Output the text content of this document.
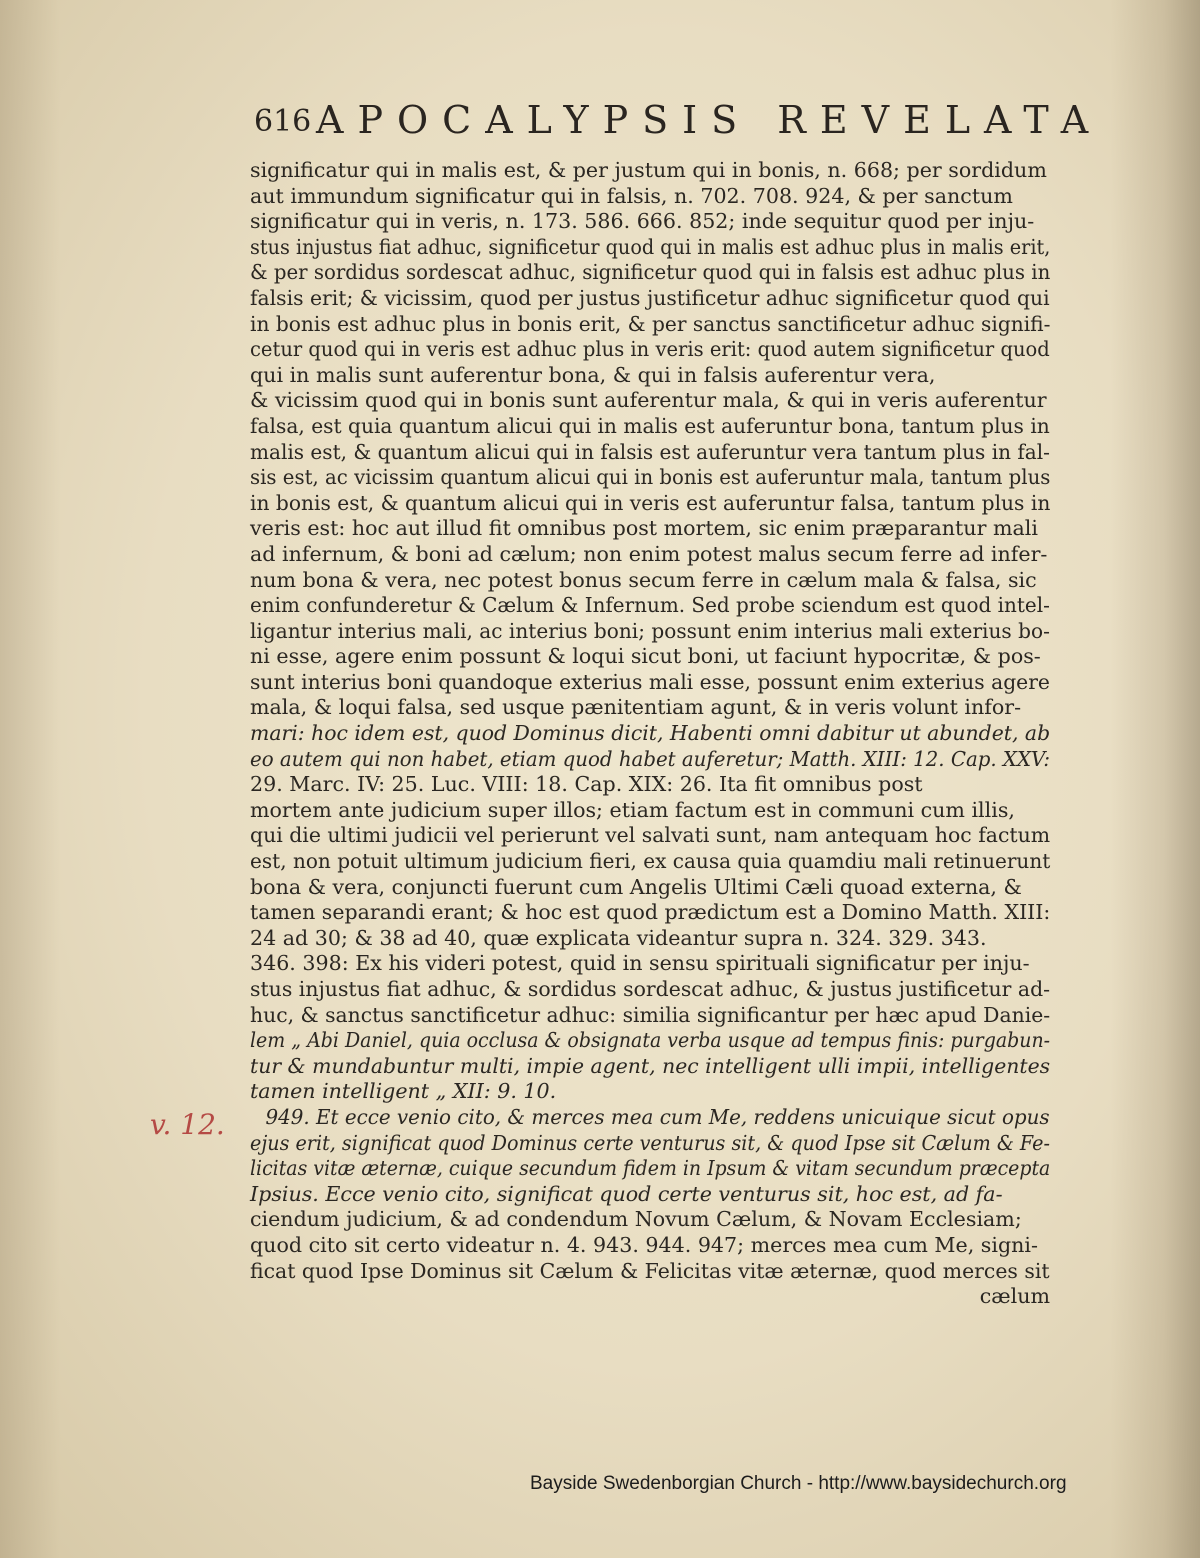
616 APOCALYPSIS REVELATA
v. 12.
significatur qui in malis est, & per justum qui in bonis, n. 668; per sordidum
aut immundum significatur qui in falsis, n. 702. 708. 924, & per sanctum
significatur qui in veris, n. 173. 586. 666. 852; inde sequitur quod per inju-
stus injustus fiat adhuc, significetur quod qui in malis est adhuc plus in malis erit,
& per sordidus sordescat adhuc, significetur quod qui in falsis est adhuc plus in
falsis erit; & vicissim, quod per justus justificetur adhuc significetur quod qui
in bonis est adhuc plus in bonis erit, & per sanctus sanctificetur adhuc signifi-
cetur quod qui in veris est adhuc plus in veris erit: quod autem significetur quod
qui in malis sunt auferentur bona, & qui in falsis auferentur vera,
& vicissim quod qui in bonis sunt auferentur mala, & qui in veris auferentur
falsa, est quia quantum alicui qui in malis est auferuntur bona, tantum plus in
malis est, & quantum alicui qui in falsis est auferuntur vera tantum plus in fal-
sis est, ac vicissim quantum alicui qui in bonis est auferuntur mala, tantum plus
in bonis est, & quantum alicui qui in veris est auferuntur falsa, tantum plus in
veris est: hoc aut illud fit omnibus post mortem, sic enim præparantur mali
ad infernum, & boni ad cælum; non enim potest malus secum ferre ad infer-
num bona & vera, nec potest bonus secum ferre in cælum mala & falsa, sic
enim confunderetur & Cælum & Infernum. Sed probe sciendum est quod intel-
ligantur interius mali, ac interius boni; possunt enim interius mali exterius bo-
ni esse, agere enim possunt & loqui sicut boni, ut faciunt hypocritæ, & pos-
sunt interius boni quandoque exterius mali esse, possunt enim exterius agere
mala, & loqui falsa, sed usque pænitentiam agunt, & in veris volunt infor-
mari: hoc idem est, quod Dominus dicit, Habenti omni dabitur ut abundet, ab
eo autem qui non habet, etiam quod habet auferetur; Matth. XIII: 12. Cap. XXV:
29. Marc. IV: 25. Luc. VIII: 18. Cap. XIX: 26. Ita fit omnibus post
mortem ante judicium super illos; etiam factum est in communi cum illis,
qui die ultimi judicii vel perierunt vel salvati sunt, nam antequam hoc factum
est, non potuit ultimum judicium fieri, ex causa quia quamdiu mali retinuerunt
bona & vera, conjuncti fuerunt cum Angelis Ultimi Cæli quoad externa, &
tamen separandi erant; & hoc est quod prædictum est a Domino Matth. XIII:
24 ad 30; & 38 ad 40, quæ explicata videantur supra n. 324. 329. 343.
346. 398: Ex his videri potest, quid in sensu spirituali significatur per inju-
stus injustus fiat adhuc, & sordidus sordescat adhuc, & justus justificetur ad-
huc, & sanctus sanctificetur adhuc: similia significantur per hæc apud Danie-
lem „ Abi Daniel, quia occlusa & obsignata verba usque ad tempus finis: purgabun-
tur & mundabuntur multi, impie agent, nec intelligent ulli impii, intelligentes
tamen intelligent „ XII: 9. 10.
949. Et ecce venio cito, & merces mea cum Me, reddens unicuique sicut opus
ejus erit, significat quod Dominus certe venturus sit, & quod Ipse sit Cælum & Fe-
licitas vitæ æternæ, cuique secundum fidem in Ipsum & vitam secundum præcepta
Ipsius. Ecce venio cito, significat quod certe venturus sit, hoc est, ad fa-
ciendum judicium, & ad condendum Novum Cælum, & Novam Ecclesiam;
quod cito sit certo videatur n. 4. 943. 944. 947; merces mea cum Me, signi-
ficat quod Ipse Dominus sit Cælum & Felicitas vitæ æternæ, quod merces sit
cælum
Bayside Swedenborgian Church - http://www.baysidechurch.org
